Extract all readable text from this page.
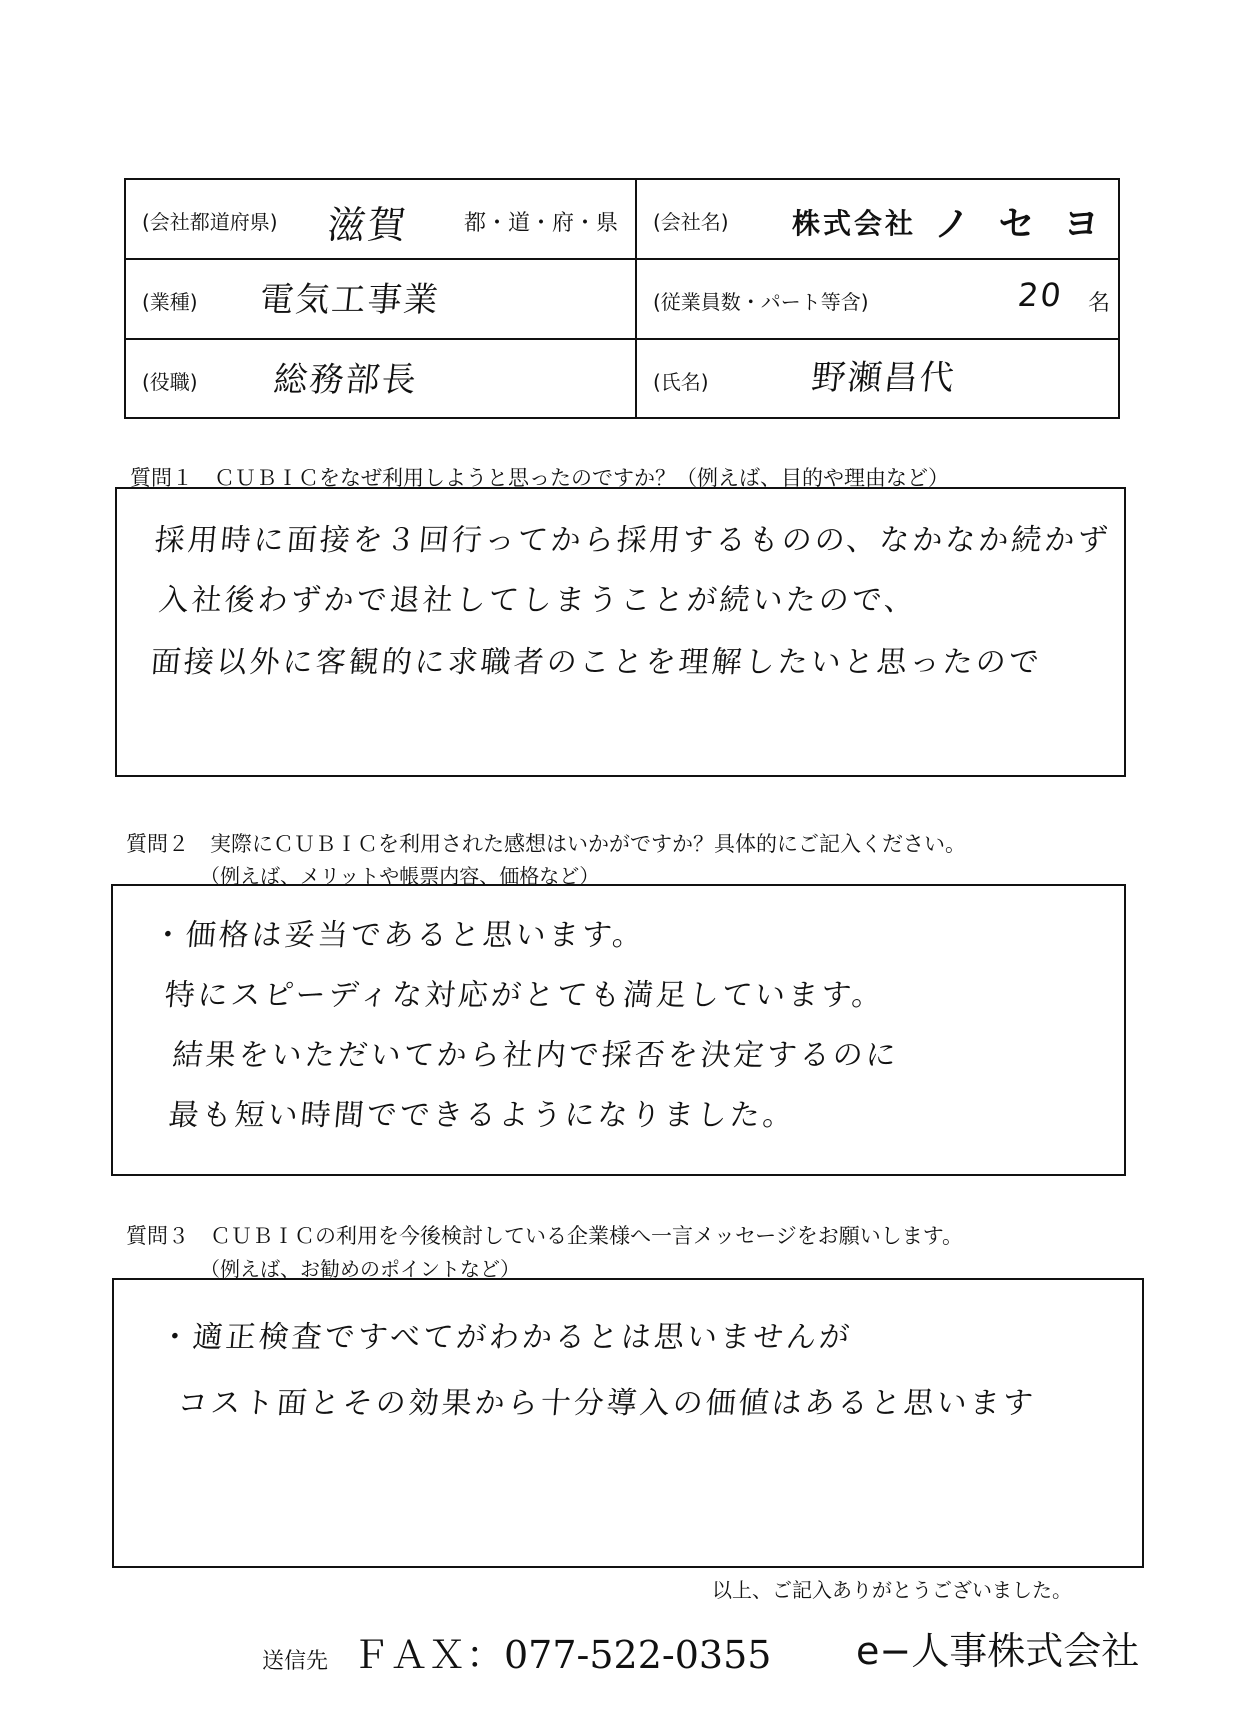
(会社都道府県) 滋賀 都・道・府・県 (会社名) 株式会社 ノ セ ヨ
(業種) 電気工事業	(従業員数・パート等含)	20 名
(役職) 総務部長	(氏名)	野瀬昌代
質問１　ＣＵＢＩＣをなぜ利用しようと思ったのですか？（例えば、目的や理由など）
採用時に面接を３回行ってから採用するものの、なかなか続かず
入社後わずかで退社してしまうことが続いたので、
面接以外に客観的に求職者のことを理解したいと思ったので
質問２　実際にＣＵＢＩＣを利用された感想はいかがですか？具体的にご記入ください。
（例えば、メリットや帳票内容、価格など）
・価格は妥当であると思います。
特にスピーディな対応がとても満足しています。
結果をいただいてから社内で採否を決定するのに
最も短い時間でできるようになりました。
質問３　ＣＵＢＩＣの利用を今後検討している企業様へ一言メッセージをお願いします。
（例えば、お勧めのポイントなど）
・適正検査ですべてがわかるとは思いませんが
コスト面とその効果から十分導入の価値はあると思います
以上、ご記入ありがとうございました。
送信先 ＦＡＸ：077-522-0355 e−人事株式会社
